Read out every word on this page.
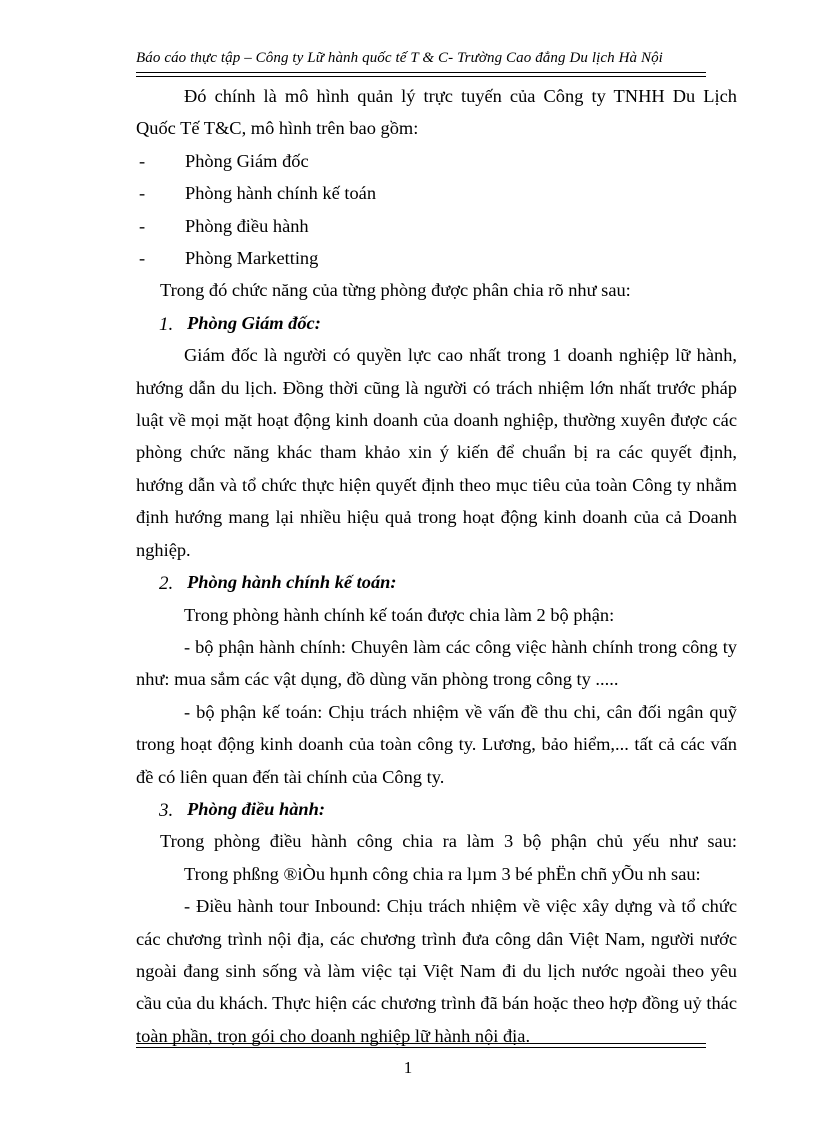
Báo cáo thực tập – Công ty Lữ hành quốc tế T & C- Trường Cao đẳng Du lịch Hà Nội

Đó chính là mô hình quản lý trực tuyến của Công ty TNHH Du Lịch

Quốc Tế T&C, mô hình trên bao gồm:

- Phòng Giám đốc
- Phòng hành chính kế toán
- Phòng điều hành
- Phòng Marketting

Trong đó chức năng của từng phòng được phân chia rõ như sau:

1. Phòng Giám đốc:

Giám đốc là người có quyền lực cao nhất trong 1 doanh nghiệp lữ hành, hướng dẫn du lịch. Đồng thời cũng là người có trách nhiệm lớn nhất trước pháp luật về mọi mặt hoạt động kinh doanh của doanh nghiệp, thường xuyên được các phòng chức năng khác tham khảo xin ý kiến để chuẩn bị ra các quyết định, hướng dẫn và tổ chức thực hiện quyết định theo mục tiêu của toàn Công ty nhằm định hướng mang lại nhiều hiệu quả trong hoạt động kinh doanh của cả Doanh nghiệp.

2. Phòng hành chính kế toán:

Trong phòng hành chính kế toán được chia làm 2 bộ phận:

- bộ phận hành chính: Chuyên làm các công việc hành chính trong công ty như: mua sắm các vật dụng, đồ dùng văn phòng trong công ty .....

- bộ phận kế toán: Chịu trách nhiệm về vấn đề thu chi, cân đối ngân quỹ trong hoạt động kinh doanh của toàn công ty. Lương, bảo hiểm,... tất cả các vấn đề có liên quan đến tài chính của Công ty.

3. Phòng điều hành:

Trong phòng điều hành công chia ra làm 3 bộ phận chủ yếu như sau:

Trong phßng ®iÒu hµnh công chia ra lµm 3 bé phËn chñ yÕu nh sau:

- Điều hành tour Inbound: Chịu trách nhiệm về việc xây dựng và tổ chức các chương trình nội địa, các chương trình đưa công dân Việt Nam, người nước ngoài đang sinh sống và làm việc tại Việt Nam đi du lịch nước ngoài theo yêu cầu của du khách. Thực hiện các chương trình đã bán hoặc theo hợp đồng uỷ thác toàn phần, trọn gói cho doanh nghiệp lữ hành nội địa.

1
